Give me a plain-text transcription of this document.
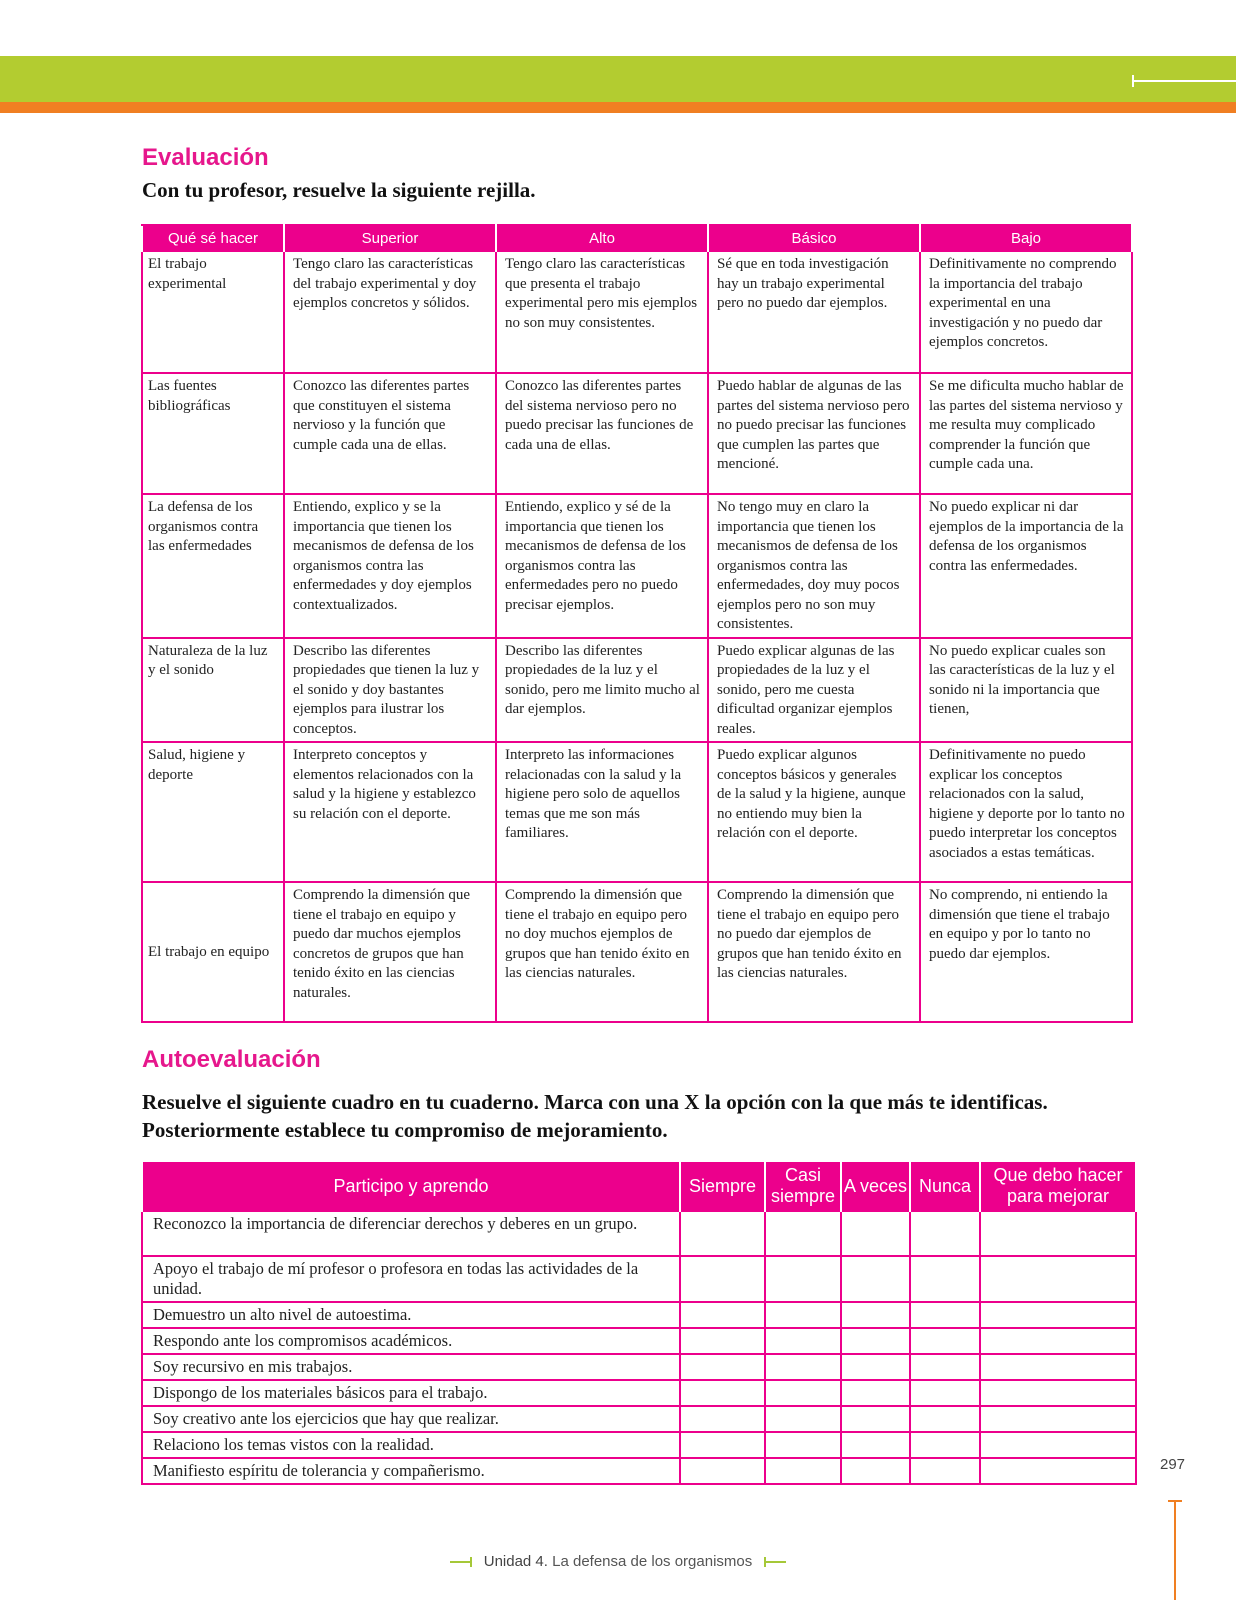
Evaluación

Con tu profesor, resuelve la siguiente rejilla.

Qué sé hacer	Superior	Alto	Básico	Bajo
El trabajo experimental	Tengo claro las características del trabajo experimental y doy ejemplos concretos y sólidos.	Tengo claro las características que presenta el trabajo experimental pero mis ejemplos no son muy consistentes.	Sé que en toda investigación hay un trabajo experimental pero no puedo dar ejemplos.	Definitivamente no comprendo la importancia del trabajo experimental en una investigación y no puedo dar ejemplos concretos.
Las fuentes bibliográficas	Conozco las diferentes partes que constituyen el sistema nervioso y la función que cumple cada una de ellas.	Conozco las diferentes partes del sistema nervioso pero no puedo precisar las funciones de cada una de ellas.	Puedo hablar de algunas de las partes del sistema nervioso pero no puedo precisar las funciones que cumplen las partes que mencioné.	Se me dificulta mucho hablar de las partes del sistema nervioso y me resulta muy complicado comprender la función que cumple cada una.
La defensa de los organismos contra las enfermedades	Entiendo, explico y se la importancia que tienen los mecanismos de defensa de los organismos contra las enfermedades y doy ejemplos contextualizados.	Entiendo, explico y sé de la importancia que tienen los mecanismos de defensa de los organismos contra las enfermedades pero no puedo precisar ejemplos.	No tengo muy en claro la importancia que tienen los mecanismos de defensa de los organismos contra las enfermedades, doy muy pocos ejemplos pero no son muy consistentes.	No puedo explicar ni dar ejemplos de la importancia de la defensa de los organismos contra las enfermedades.
Naturaleza de la luz y el sonido	Describo las diferentes propiedades que tienen la luz y el sonido y doy bastantes ejemplos para ilustrar los conceptos.	Describo las diferentes propiedades de la luz y el sonido, pero me limito mucho al dar ejemplos.	Puedo explicar algunas de las propiedades de la luz y el sonido, pero me cuesta dificultad organizar ejemplos reales.	No puedo explicar cuales son las características de la luz y el sonido ni la importancia que tienen,
Salud, higiene y deporte	Interpreto conceptos y elementos relacionados con la salud y la higiene y establezco su relación con el deporte.	Interpreto las informaciones relacionadas con la salud y la higiene pero solo de aquellos temas que me son más familiares.	Puedo explicar algunos conceptos básicos y generales de la salud y la higiene, aunque no entiendo muy bien la relación con el deporte.	Definitivamente no puedo explicar los conceptos relacionados con la salud, higiene y deporte por lo tanto no puedo interpretar los conceptos asociados a estas temáticas.
El trabajo en equipo	Comprendo la dimensión que tiene el trabajo en equipo y puedo dar muchos ejemplos concretos de grupos que han tenido éxito en las ciencias naturales.	Comprendo la dimensión que tiene el trabajo en equipo pero no doy muchos ejemplos de grupos que han tenido éxito en las ciencias naturales.	Comprendo la dimensión que tiene el trabajo en equipo pero no puedo dar ejemplos de grupos que han tenido éxito en las ciencias naturales.	No comprendo, ni entiendo la dimensión que tiene el trabajo en equipo y por lo tanto no puedo dar ejemplos.
Autoevaluación

Resuelve el siguiente cuadro en tu cuaderno. Marca con una X la opción con la que más te identificas. Posteriormente establece tu compromiso de mejoramiento.

Participo y aprendo	Siempre	Casi siempre	A veces	Nunca	Que debo hacer para mejorar
Reconozco la importancia de diferenciar derechos y deberes en un grupo.					
Apoyo el trabajo de mí profesor o profesora en todas las actividades de la unidad.					
Demuestro un alto nivel de autoestima.					
Respondo ante los compromisos académicos.					
Soy recursivo en mis trabajos.					
Dispongo de los materiales básicos para el trabajo.					
Soy creativo ante los ejercicios que hay que realizar.					
Relaciono los temas vistos con la realidad.					
Manifiesto espíritu de tolerancia y compañerismo.						297
Unidad 4. La defensa de los organismos
